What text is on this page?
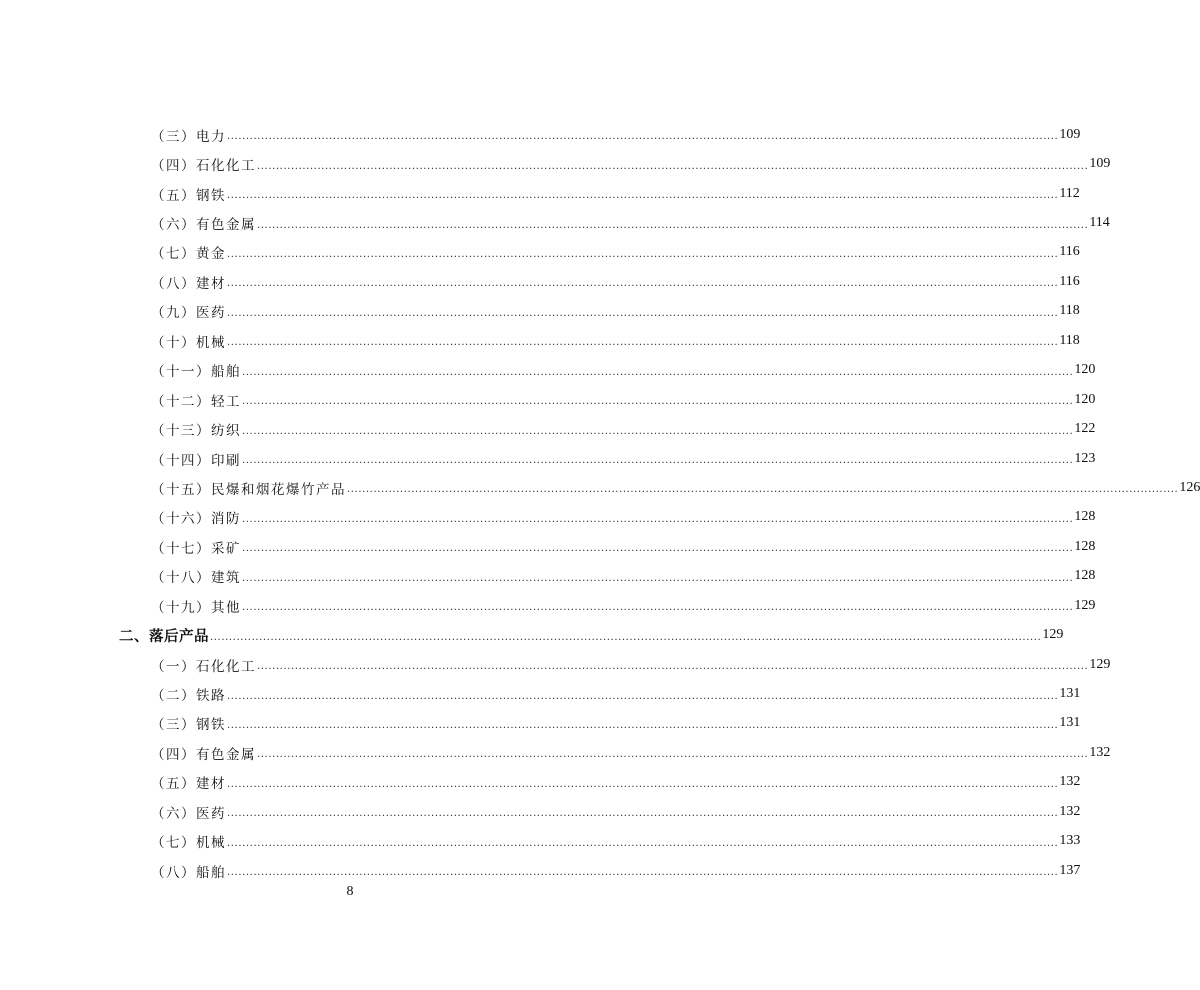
（三）电力 ............................................................................................................................................................................................................................ 109
（四）石化化工 ............................................................................................................................................................................................................................ 109
（五）钢铁 ............................................................................................................................................................................................................................ 112
（六）有色金属 ............................................................................................................................................................................................................................ 114
（七）黄金 ............................................................................................................................................................................................................................ 116
（八）建材 ............................................................................................................................................................................................................................ 116
（九）医药 ............................................................................................................................................................................................................................ 118
（十）机械 ............................................................................................................................................................................................................................ 118
（十一）船舶 ............................................................................................................................................................................................................................ 120
（十二）轻工 ............................................................................................................................................................................................................................ 120
（十三）纺织 ............................................................................................................................................................................................................................ 122
（十四）印刷 ............................................................................................................................................................................................................................ 123
（十五）民爆和烟花爆竹产品 ............................................................................................................................................................................................................................ 126
（十六）消防 ............................................................................................................................................................................................................................ 128
（十七）采矿 ............................................................................................................................................................................................................................ 128
（十八）建筑 ............................................................................................................................................................................................................................ 128
（十九）其他 ............................................................................................................................................................................................................................ 129
二、落后产品 ............................................................................................................................................................................................................................ 129
（一）石化化工 ............................................................................................................................................................................................................................ 129
（二）铁路 ............................................................................................................................................................................................................................ 131
（三）钢铁 ............................................................................................................................................................................................................................ 131
（四）有色金属 ............................................................................................................................................................................................................................ 132
（五）建材 ............................................................................................................................................................................................................................ 132
（六）医药 ............................................................................................................................................................................................................................ 132
（七）机械 ............................................................................................................................................................................................................................ 133
（八）船舶 ............................................................................................................................................................................................................................ 137
8
